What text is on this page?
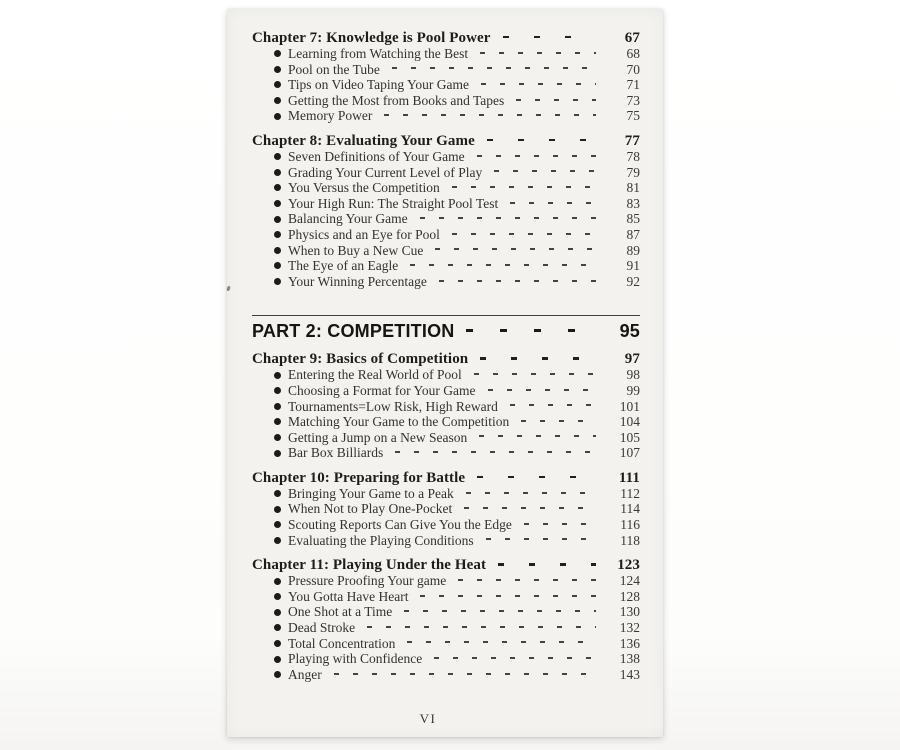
Chapter 7: Knowledge is Pool Power	67
Learning from Watching the Best	68
Pool on the Tube	70
Tips on Video Taping Your Game	71
Getting the Most from Books and Tapes	73
Memory Power	75
Chapter 8: Evaluating Your Game	77
Seven Definitions of Your Game	78
Grading Your Current Level of Play	79
You Versus the Competition	81
Your High Run: The Straight Pool Test	83
Balancing Your Game	85
Physics and an Eye for Pool	87
When to Buy a New Cue	89
The Eye of an Eagle	91
Your Winning Percentage	92
PART 2: COMPETITION	95
Chapter 9: Basics of Competition	97
Entering the Real World of Pool	98
Choosing a Format for Your Game	99
Tournaments=Low Risk, High Reward	101
Matching Your Game to the Competition	104
Getting a Jump on a New Season	105
Bar Box Billiards	107
Chapter 10: Preparing for Battle	111
Bringing Your Game to a Peak	112
When Not to Play One-Pocket	114
Scouting Reports Can Give You the Edge	116
Evaluating the Playing Conditions	118
Chapter 11: Playing Under the Heat	123
Pressure Proofing Your game	124
You Gotta Have Heart	128
One Shot at a Time	130
Dead Stroke	132
Total Concentration	136
Playing with Confidence	138
Anger	143
VI
